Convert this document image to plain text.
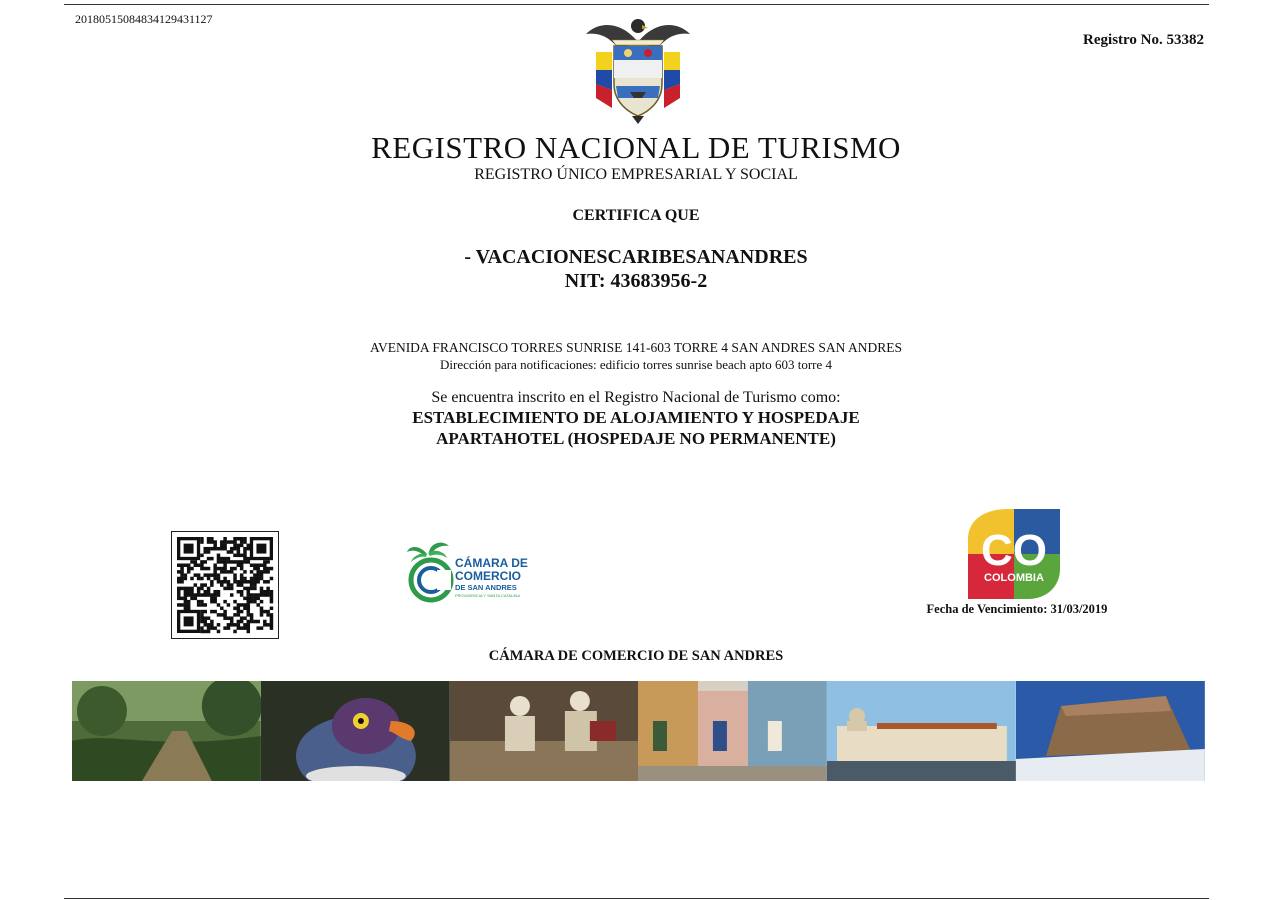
20180515084834129431127
Registro No. 53382
REGISTRO NACIONAL DE TURISMO
REGISTRO ÚNICO EMPRESARIAL Y SOCIAL
CERTIFICA QUE
- VACACIONESCARIBESANANDRES
NIT: 43683956-2
AVENIDA FRANCISCO TORRES SUNRISE 141-603 TORRE 4 SAN ANDRES SAN ANDRES
Dirección para notificaciones: edificio torres sunrise beach apto 603 torre 4
Se encuentra inscrito en el Registro Nacional de Turismo como:
ESTABLECIMIENTO DE ALOJAMIENTO Y HOSPEDAJE
APARTAHOTEL (HOSPEDAJE NO PERMANENTE)
CÁMARA DE
COMERCIO
DE SAN ANDRES
PROVIDENCIA Y SANTA CATALINA
CO
COLOMBIA
Fecha de Vencimiento: 31/03/2019
CÁMARA DE COMERCIO DE SAN ANDRES
